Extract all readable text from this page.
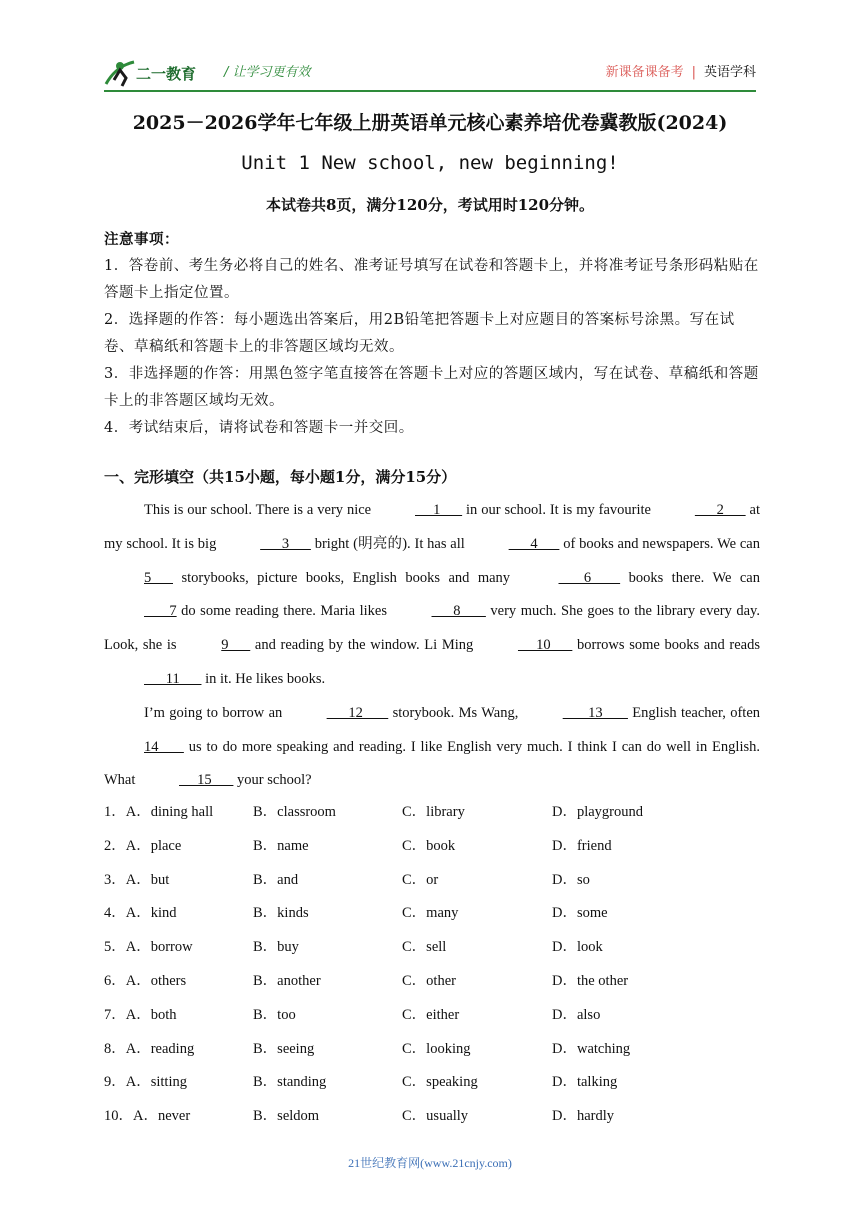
二一教育 / 让学习更有效	新课备课备考 | 英语学科
2025－2026学年七年级上册英语单元核心素养培优卷冀教版(2024)
Unit 1 New school, new beginning!
本试卷共8页，满分120分，考试用时120分钟。

注意事项：

1．答卷前、考生务必将自己的姓名、准考证号填写在试卷和答题卡上，并将准考证号条形码粘贴在答题卡上指定位置。

2．选择题的作答：每小题选出答案后，用2B铅笔把答题卡上对应题目的答案标号涂黑。写在试卷、草稿纸和答题卡上的非答题区域均无效。

3．非选择题的作答：用黑色签字笔直接答在答题卡上对应的答题区域内，写在试卷、草稿纸和答题卡上的非答题区域均无效。

4．考试结束后，请将试卷和答题卡一并交回。

一、完形填空（共15小题，每小题1分，满分15分）

This is our school. There is a very nice	1       in our school. It is my favourite	2       at my school. It is big	3       bright (明亮的). It has all	4       of books and newspapers. We can 5       storybooks, picture books, English books and many	6         books there. We can        7 do some reading there. Maria likes	8        very much. She goes to the library every day. Look, she is	9       and reading by the window. Li Ming	10       borrows some books and reads       11       in it. He likes books.

I’m going to borrow an	12        storybook. Ms Wang,	13        English teacher, often 14        us to do more speaking and reading. I like English very much. I think I can do well in English. What	15       your school?

1．A．dining hall	B．classroom	C．library	D．playground
2．A．place	B．name	C．book	D．friend
3．A．but	B．and	C．or	D．so
4．A．kind	B．kinds	C．many	D．some
5．A．borrow	B．buy	C．sell	D．look
6．A．others	B．another	C．other	D．the other
7．A．both	B．too	C．either	D．also
8．A．reading	B．seeing	C．looking	D．watching
9．A．sitting	B．standing	C．speaking	D．talking
10．A．never	B．seldom	C．usually	D．hardly
21世纪教育网(www.21cnjy.com)
